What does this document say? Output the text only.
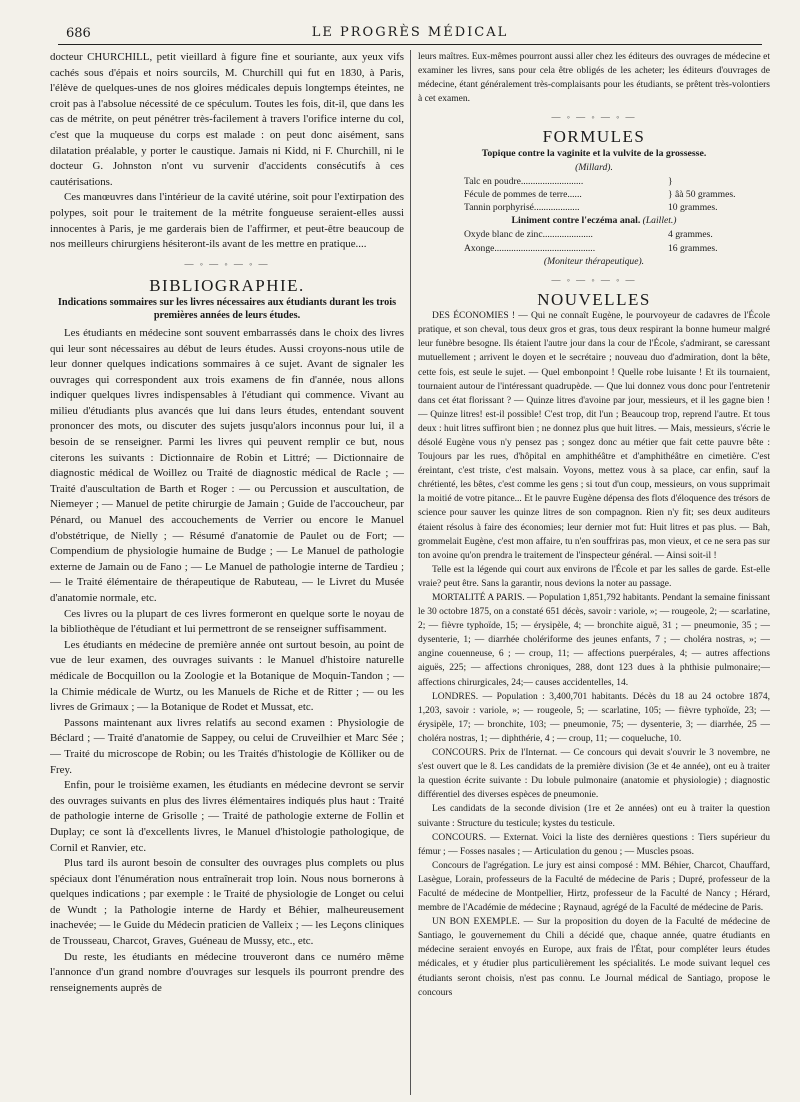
686	LE PROGRÈS MÉDICAL

docteur CHURCHILL, petit vieillard à figure fine et souriante, aux yeux vifs cachés sous d'épais et noirs sourcils, M. Churchill qui fut en 1830, à Paris, l'élève de quelques-unes de nos gloires médicales depuis longtemps éteintes, ne croit pas à l'absolue nécessité de ce spéculum. Toutes les fois, dit-il, que dans les cas de métrite, on peut pénétrer très-facilement à travers l'orifice interne du col, c'est que la muqueuse du corps est malade : on peut donc aisément, sans dilatation préalable, y porter le caustique. Jamais ni Kidd, ni F. Churchill, ni le docteur G. Johnston n'ont vu survenir d'accidents consécutifs à ces cautérisations.

Ces manœuvres dans l'intérieur de la cavité utérine, soit pour l'extirpation des polypes, soit pour le traitement de la métrite fongueuse seraient-elles aussi innocentes à Paris, je me garderais bien de l'affirmer, et peut-être beaucoup de nos meilleurs chirurgiens hésiteront-ils avant de les mettre en pratique....

— ◦ — ◦ — ◦ —
BIBLIOGRAPHIE.
Indications sommaires sur les livres nécessaires aux étudiants durant les trois premières années de leurs études.

Les étudiants en médecine sont souvent embarrassés dans le choix des livres qui leur sont nécessaires au début de leurs études. Aussi croyons-nous utile de leur donner quelques indications sommaires à ce sujet. Avant de signaler les ouvrages qui correspondent aux trois examens de fin d'année, nous allons indiquer quelques livres indispensables à l'étudiant qui commence. Vivant au milieu d'étudiants plus avancés que lui dans leurs études, entendant souvent prononcer des mots, ou discuter des sujets jusqu'alors inconnus pour lui, il a besoin de se renseigner. Parmi les livres qui peuvent remplir ce but, nous citerons les suivants : Dictionnaire de Robin et Littré; — Dictionnaire de diagnostic médical de Woillez ou Traité de diagnostic médical de Racle ; — Traité d'auscultation de Barth et Roger : — ou Percussion et auscultation, de Niemeyer ; — Manuel de petite chirurgie de Jamain ; Guide de l'accoucheur, par Pénard, ou Manuel des accouchements de Verrier ou encore le Manuel d'obstétrique, de Nielly ; — Résumé d'anatomie de Paulet ou de Fort; — Compendium de physiologie humaine de Budge ; — Le Manuel de pathologie externe de Jamain ou de Fano ; — Le Manuel de pathologie interne de Tardieu ; — le Traité élémentaire de thérapeutique de Rabuteau, — le Livret du Musée d'anatomie normale, etc.

Ces livres ou la plupart de ces livres formeront en quelque sorte le noyau de la bibliothèque de l'étudiant et lui permettront de se renseigner suffisamment.

Les étudiants en médecine de première année ont surtout besoin, au point de vue de leur examen, des ouvrages suivants : le Manuel d'histoire naturelle médicale de Bocquillon ou la Zoologie et la Botanique de Moquin-Tandon ; — la Chimie médicale de Wurtz, ou les Manuels de Riche et de Ritter ; — ou les livres de Grimaux ; — la Botanique de Rodet et Mussat, etc.

Passons maintenant aux livres relatifs au second examen : Physiologie de Béclard ; — Traité d'anatomie de Sappey, ou celui de Cruveilhier et Marc Sée ; — Traité du microscope de Robin; ou les Traités d'histologie de Kölliker ou de Frey.

Enfin, pour le troisième examen, les étudiants en médecine devront se servir des ouvrages suivants en plus des livres élémentaires indiqués plus haut : Traité de pathologie interne de Grisolle ; — Traité de pathologie externe de Follin et Duplay; ce sont là d'excellents livres, le Manuel d'histologie pathologique, de Cornil et Ranvier, etc.

Plus tard ils auront besoin de consulter des ouvrages plus complets ou plus spéciaux dont l'énumération nous entraînerait trop loin. Nous nous bornerons à quelques indications ; par exemple : le Traité de physiologie de Longet ou celui de Wundt ; la Pathologie interne de Hardy et Béhier, malheureusement inachevée; — le Guide du Médecin praticien de Valleix ; — les Leçons cliniques de Trousseau, Charcot, Graves, Guéneau de Mussy, etc., etc.

Du reste, les étudiants en médecine trouveront dans ce numéro même l'annonce d'un grand nombre d'ouvrages sur lesquels ils pourront prendre des renseignements auprès de

leurs maîtres. Eux-mêmes pourront aussi aller chez les éditeurs des ouvrages de médecine et examiner les livres, sans pour cela être obligés de les acheter; les éditeurs d'ouvrages de médecine, étant généralement très-complaisants pour les étudiants, se prêtent très-volontiers à cet examen.

— ◦ — ◦ — ◦ —
FORMULES
Topique contre la vaginite et la vulvite de la grossesse.
(Millard).
Talc en poudre..........................	}
Fécule de pommes de terre......	} âà 50 grammes.
Tannin porphyrisé...................	10 grammes.
Liniment contre l'eczéma anal. (Laillet.)
Oxyde blanc de zinc.....................	4 grammes.
Axonge..........................................	16 grammes.
(Moniteur thérapeutique).
— ◦ — ◦ — ◦ —
NOUVELLES

DES ÉCONOMIES ! — Qui ne connaît Eugène, le pourvoyeur de cadavres de l'École pratique, et son cheval, tous deux gros et gras, tous deux respirant la bonne humeur malgré leur funèbre besogne. Ils étaient l'autre jour dans la cour de l'École, s'admirant, se caressant mutuellement ; arrivent le doyen et le secrétaire ; nouveau duo d'admiration, dont la bête, cette fois, est seule le sujet. — Quel embonpoint ! Quelle robe luisante ! Et ils tournaient, tournaient autour de l'intéressant quadrupède. — Que lui donnez vous donc pour l'entretenir dans cet état florissant ? — Quinze litres d'avoine par jour, messieurs, et il les gagne bien ! — Quinze litres! est-il possible! C'est trop, dit l'un ; Beaucoup trop, reprend l'autre. Et tous deux : huit litres suffiront bien ; ne donnez plus que huit litres. — Mais, messieurs, s'écrie le désolé Eugène vous n'y pensez pas ; songez donc au métier que fait cette pauvre bête : Toujours par les rues, d'hôpital en amphithéâtre et d'amphithéâtre en cimetière. C'est éreintant, c'est triste, c'est malsain. Voyons, mettez vous à sa place, car enfin, sauf la chrétienté, les bêtes, c'est comme les gens ; si tout d'un coup, messieurs, on vous supprimait la moitié de votre pitance... Et le pauvre Eugène dépensa des flots d'éloquence des trésors de science pour sauver les quinze litres de son compagnon. Rien n'y fit; ses deux auditeurs étaient résolus à faire des économies; leur dernier mot fut: Huit litres et pas plus. — Bah, grommelait Eugène, c'est mon affaire, tu n'en souffriras pas, mon vieux, et ce ne sera pas sur ton avoine qu'on prendra le traitement de l'inspecteur général. — Ainsi soit-il !

Telle est la légende qui court aux environs de l'École et par les salles de garde. Est-elle vraie? peut être. Sans la garantir, nous devions la noter au passage.

MORTALITÉ A PARIS. — Population 1,851,792 habitants. Pendant la semaine finissant le 30 octobre 1875, on a constaté 651 décès, savoir : variole, »; — rougeole, 2; — scarlatine, 2; — fièvre typhoïde, 15; — érysipèle, 4; — bronchite aiguë, 31 ; — pneumonie, 35 ; — dysenterie, 1; — diarrhée cholériforme des jeunes enfants, 7 ; — choléra nostras, »; — angine couenneuse, 6 ; — croup, 11; — affections puerpérales, 4; — autres affections aiguës, 225; — affections chroniques, 288, dont 123 dues à la phthisie pulmonaire;— affections chirurgicales, 24;— causes accidentelles, 14.

LONDRES. — Population : 3,400,701 habitants. Décès du 18 au 24 octobre 1874, 1,203, savoir : variole, »; — rougeole, 5; — scarlatine, 105; — fièvre typhoïde, 23; — érysipèle, 17; — bronchite, 103; — pneumonie, 75; — dysenterie, 3; — diarrhée, 25 — choléra nostras, 1; — diphthérie, 4 ; — croup, 11; — coqueluche, 10.

CONCOURS. Prix de l'Internat. — Ce concours qui devait s'ouvrir le 3 novembre, ne s'est ouvert que le 8. Les candidats de la première division (3e et 4e année), ont eu à traiter la question écrite suivante : Du lobule pulmonaire (anatomie et physiologie) ; diagnostic différentiel des diverses espèces de pneumonie.

Les candidats de la seconde division (1re et 2e années) ont eu à traiter la question suivante : Structure du testicule; kystes du testicule.

CONCOURS. — Externat. Voici la liste des dernières questions : Tiers supérieur du fémur ; — Fosses nasales ; — Articulation du genou ; — Muscles psoas.

Concours de l'agrégation. Le jury est ainsi composé : MM. Béhier, Charcot, Chauffard, Lasègue, Lorain, professeurs de la Faculté de médecine de Paris ; Dupré, professeur de la Faculté de médecine de Montpellier, Hirtz, professeur de la Faculté de Nancy ; Hérard, membre de l'Académie de médecine ; Raynaud, agrégé de la Faculté de médecine de Paris.

UN BON EXEMPLE. — Sur la proposition du doyen de la Faculté de médecine de Santiago, le gouvernement du Chili a décidé que, chaque année, quatre étudiants en médecine seraient envoyés en Europe, aux frais de l'État, pour compléter leurs études médicales, et y étudier plus particulièrement les spécialités. Le mode suivant lequel ces étudiants seront choisis, n'est pas connu. Le Journal médical de Santiago, propose le concours
